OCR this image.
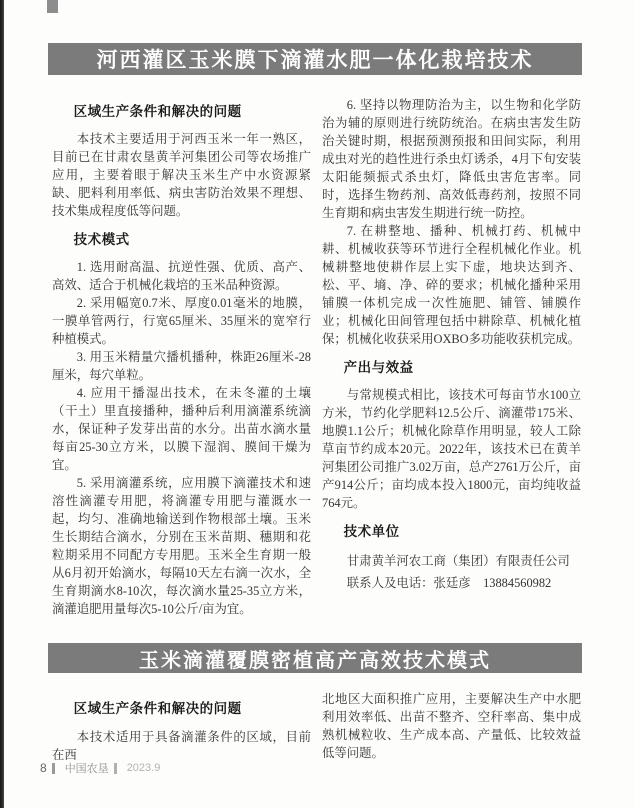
河西灌区玉米膜下滴灌水肥一体化栽培技术
区域生产条件和解决的问题

本技术主要适用于河西玉米一年一熟区，目前已在甘肃农垦黄羊河集团公司等农场推广应用，主要着眼于解决玉米生产中水资源紧缺、肥料利用率低、病虫害防治效果不理想、技术集成程度低等问题。

技术模式

1. 选用耐高温、抗逆性强、优质、高产、高效、适合于机械化栽培的玉米品种资源。

2. 采用幅宽0.7米、厚度0.01毫米的地膜，一膜单管两行，行宽65厘米、35厘米的宽窄行种植模式。

3. 用玉米精量穴播机播种，株距26厘米-28厘米，每穴单粒。

4. 应用干播湿出技术，在未冬灌的土壤（干土）里直接播种，播种后利用滴灌系统滴水，保证种子发芽出苗的水分。出苗水滴水量每亩25-30立方米，以膜下湿润、膜间干燥为宜。

5. 采用滴灌系统，应用膜下滴灌技术和速溶性滴灌专用肥，将滴灌专用肥与灌溉水一起，均匀、准确地输送到作物根部土壤。玉米生长期结合滴水，分别在玉米苗期、穗期和花粒期采用不同配方专用肥。玉米全生育期一般从6月初开始滴水，每隔10天左右滴一次水，全生育期滴水8-10次，每次滴水量25-35立方米，滴灌追肥用量每次5-10公斤/亩为宜。

6. 坚持以物理防治为主，以生物和化学防治为辅的原则进行统防统治。在病虫害发生防治关键时期，根据预测预报和田间实际，利用成虫对光的趋性进行杀虫灯诱杀，4月下旬安装太阳能频振式杀虫灯，降低虫害危害率。同时，选择生物药剂、高效低毒药剂，按照不同生育期和病虫害发生期进行统一防控。

7. 在耕整地、播种、机械打药、机械中耕、机械收获等环节进行全程机械化作业。机械耕整地使耕作层上实下虚，地块达到齐、松、平、墒、净、碎的要求；机械化播种采用铺膜一体机完成一次性施肥、铺管、铺膜作业；机械化田间管理包括中耕除草、机械化植保；机械化收获采用OXBO多功能收获机完成。

产出与效益

与常规模式相比，该技术可每亩节水100立方米，节约化学肥料12.5公斤、滴灌带175米、地膜1.1公斤；机械化除草作用明显，较人工除草亩节约成本20元。2022年，该技术已在黄羊河集团公司推广3.02万亩，总产2761万公斤，亩产914公斤；亩均成本投入1800元，亩均纯收益764元。

技术单位

甘肃黄羊河农工商（集团）有限责任公司

联系人及电话：张廷彦　13884560982

玉米滴灌覆膜密植高产高效技术模式
区域生产条件和解决的问题

本技术适用于具备滴灌条件的区域，目前在西

北地区大面积推广应用，主要解决生产中水肥利用效率低、出苗不整齐、空秆率高、集中成熟机械粒收、生产成本高、产量低、比较效益低等问题。

8 中国农垦 2023.9
